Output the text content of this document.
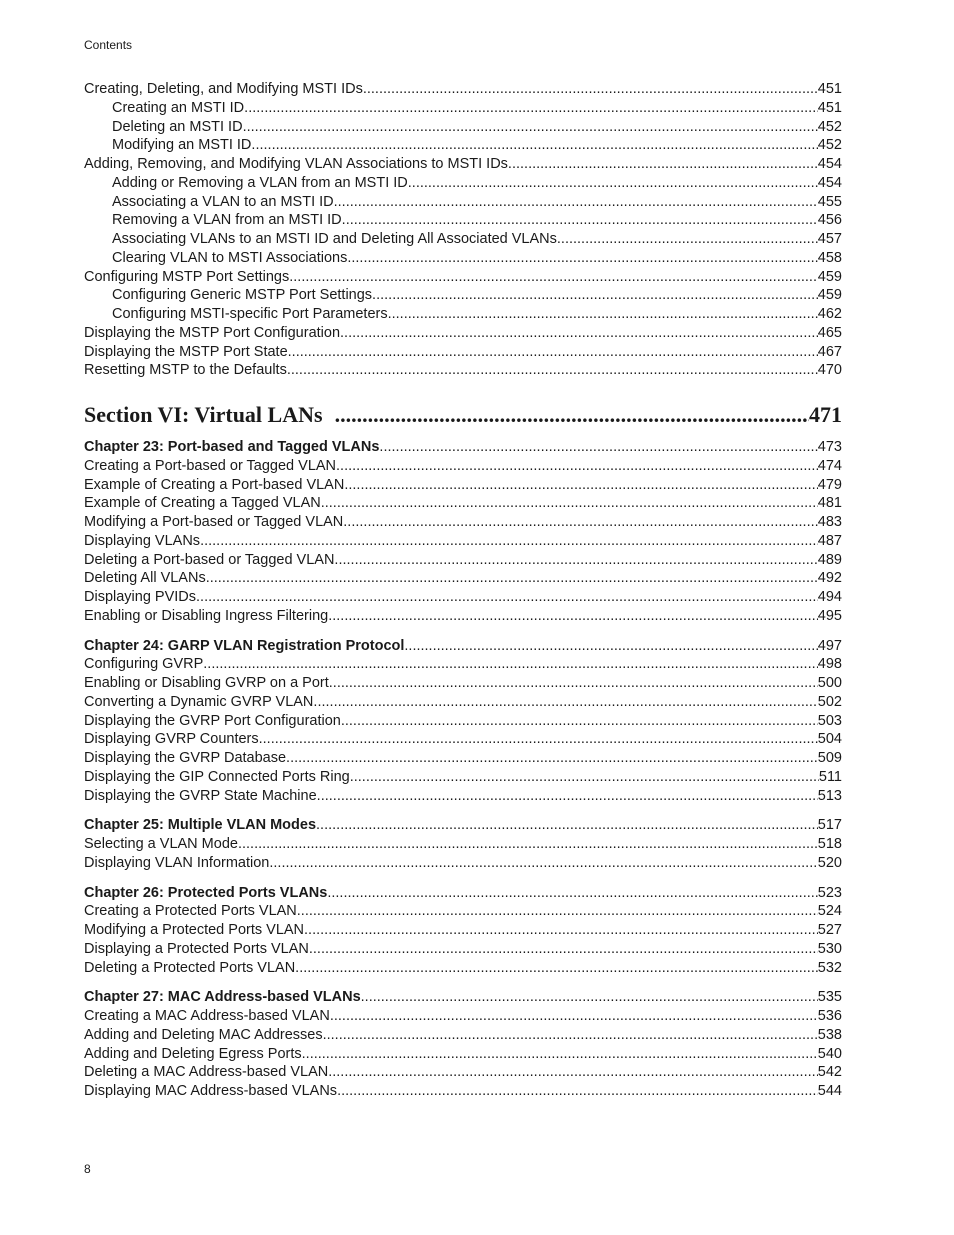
Contents
Creating, Deleting, and Modifying MSTI IDs .....	451
Creating an MSTI ID .....	451
Deleting an MSTI ID .....	452
Modifying an MSTI ID .....	452
Adding, Removing, and Modifying VLAN Associations to MSTI IDs .....	454
Adding or Removing a VLAN from an MSTI ID .....	454
Associating a VLAN to an MSTI ID .....	455
Removing a VLAN from an MSTI ID .....	456
Associating VLANs to an MSTI ID and Deleting All Associated VLANs .....	457
Clearing VLAN to MSTI Associations .....	458
Configuring MSTP Port Settings .....	459
Configuring Generic MSTP Port Settings .....	459
Configuring MSTI-specific Port Parameters .....	462
Displaying the MSTP Port Configuration .....	465
Displaying the MSTP Port State .....	467
Resetting MSTP to the Defaults .....	470
Section VI: Virtual LANs .....	471
Chapter 23: Port-based and Tagged VLANs .....	473
Creating a Port-based or Tagged VLAN .....	474
Example of Creating a Port-based VLAN .....	479
Example of Creating a Tagged VLAN .....	481
Modifying a Port-based or Tagged VLAN .....	483
Displaying VLANs .....	487
Deleting a Port-based or Tagged VLAN .....	489
Deleting All VLANs .....	492
Displaying PVIDs .....	494
Enabling or Disabling Ingress Filtering .....	495
Chapter 24: GARP VLAN Registration Protocol .....	497
Configuring GVRP .....	498
Enabling or Disabling GVRP on a Port .....	500
Converting a Dynamic GVRP VLAN .....	502
Displaying the GVRP Port Configuration .....	503
Displaying GVRP Counters .....	504
Displaying the GVRP Database .....	509
Displaying the GIP Connected Ports Ring .....	511
Displaying the GVRP State Machine .....	513
Chapter 25: Multiple VLAN Modes .....	517
Selecting a VLAN Mode .....	518
Displaying VLAN Information .....	520
Chapter 26: Protected Ports VLANs .....	523
Creating a Protected Ports VLAN .....	524
Modifying a Protected Ports VLAN .....	527
Displaying a Protected Ports VLAN .....	530
Deleting a Protected Ports VLAN .....	532
Chapter 27: MAC Address-based VLANs .....	535
Creating a MAC Address-based VLAN .....	536
Adding and Deleting MAC Addresses .....	538
Adding and Deleting Egress Ports .....	540
Deleting a MAC Address-based VLAN .....	542
Displaying MAC Address-based VLANs .....	544
8
